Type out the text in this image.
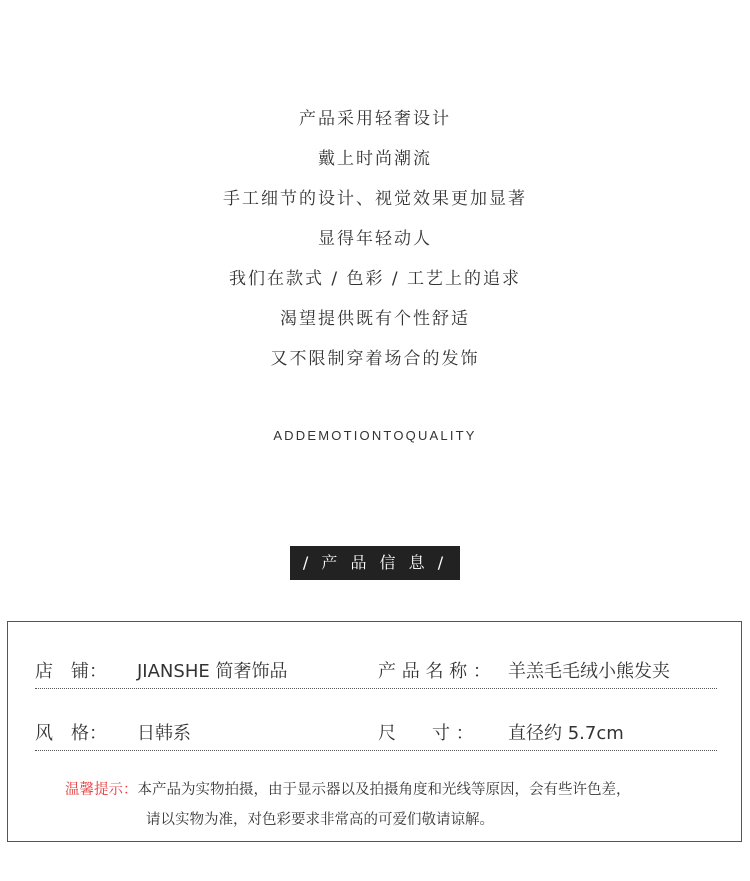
产品采用轻奢设计
戴上时尚潮流
手工细节的设计、视觉效果更加显著
显得年轻动人
我们在款式 / 色彩 / 工艺上的追求
渴望提供既有个性舒适
又不限制穿着场合的发饰
ADDEMOTIONTOQUALITY
/ 产 品 信 息 /
店　铺：	JIANSHE 简奢饰品	产 品 名 称 ： 羊羔毛毛绒小熊发夹
风　格：	日韩系	尺　　寸 ：	直径约 5.7cm
温馨提示：本产品为实物拍摄，由于显示器以及拍摄角度和光线等原因，会有些许色差，
请以实物为准，对色彩要求非常高的可爱们敬请谅解。
